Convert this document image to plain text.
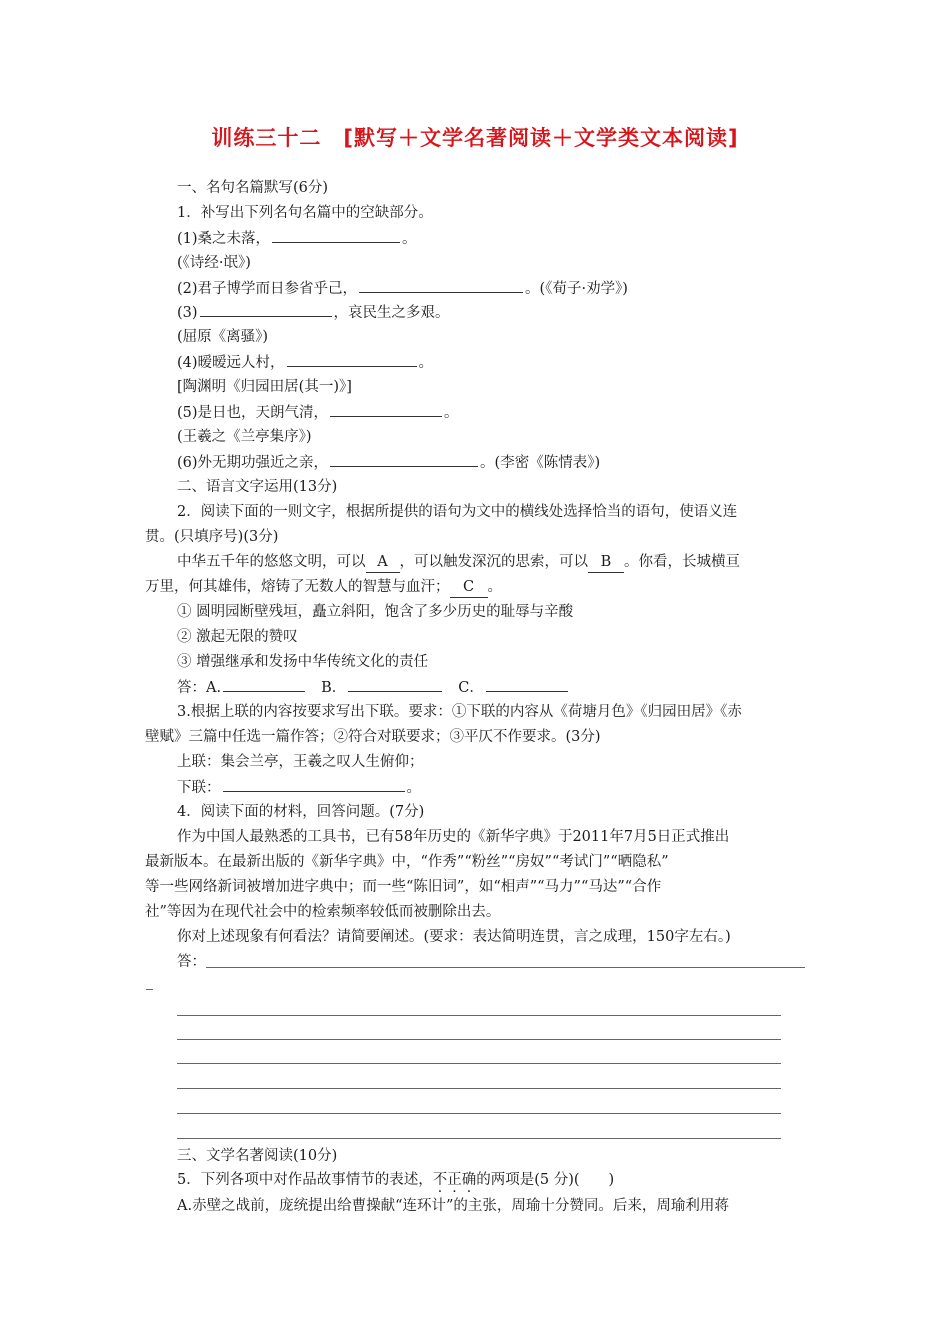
训练三十二　[默写＋文学名著阅读＋文学类文本阅读]
一、名句名篇默写(6分)
1．补写出下列名句名篇中的空缺部分。
(1)桑之未落，	。
(《诗经·氓》)
(2)君子博学而日参省乎己，	。(《荀子·劝学》)
(3)	，哀民生之多艰。
(屈原《离骚》)
(4)暧暧远人村，	。
[陶渊明《归园田居(其一)》]
(5)是日也，天朗气清，	。
(王羲之《兰亭集序》)
(6)外无期功强近之亲，	。(李密《陈情表》)
二、语言文字运用(13分)
2．阅读下面的一则文字，根据所提供的语句为文中的横线处选择恰当的语句，使语义连
贯。(只填序号)(3分)
中华五千年的悠悠文明，可以 A ，可以触发深沉的思索，可以 B 。你看，长城横亘
万里，何其雄伟，熔铸了无数人的智慧与血汗； C 。
① 圆明园断壁残垣，矗立斜阳，饱含了多少历史的耻辱与辛酸
② 激起无限的赞叹
③ 增强继承和发扬中华传统文化的责任
答：A.	B．	C．
3.根据上联的内容按要求写出下联。要求：①下联的内容从《荷塘月色》《归园田居》《赤
壁赋》三篇中任选一篇作答；②符合对联要求；③平仄不作要求。(3分)
上联：集会兰亭，王羲之叹人生俯仰；
下联：	。
4．阅读下面的材料，回答问题。(7分)
作为中国人最熟悉的工具书，已有58年历史的《新华字典》于2011年7月5日正式推出
最新版本。在最新出版的《新华字典》中，“作秀”“粉丝”“房奴”“考试门”“晒隐私”
等一些网络新词被增加进字典中；而一些“陈旧词”，如“相声”“马力”“马达”“合作
社”等因为在现代社会中的检索频率较低而被删除出去。
你对上述现象有何看法？请简要阐述。(要求：表达简明连贯，言之成理，150字左右。)
答：
三、文学名著阅读(10分)
5．下列各项中对作品故事情节的表述，不正确的两项是(5 分)(　　)
A.赤壁之战前，庞统提出给曹操献“连环计”的主张，周瑜十分赞同。后来，周瑜利用蒋
